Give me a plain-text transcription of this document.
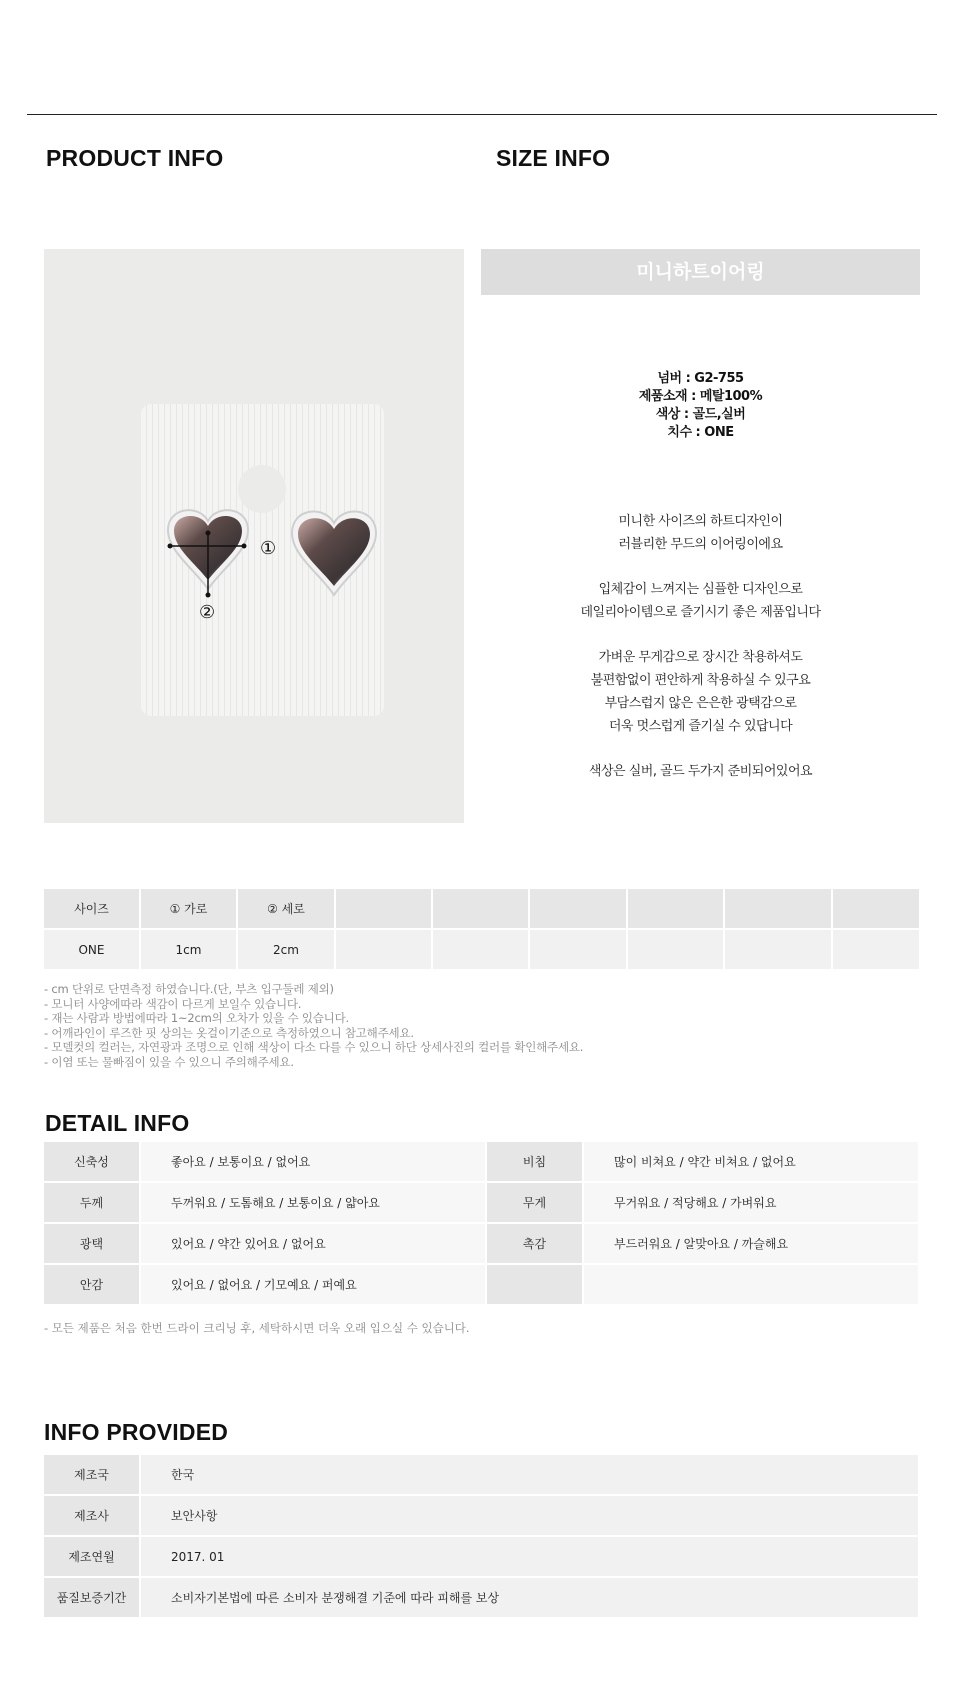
PRODUCT INFO	SIZE INFO
①
②
미니하트이어링
넘버 : G2-755
제품소재 : 메탈100%
색상 : 골드,실버
치수 : ONE
미니한 사이즈의 하트디자인이
러블리한 무드의 이어링이에요
입체감이 느껴지는 심플한 디자인으로
데일리아이템으로 즐기시기 좋은 제품입니다
가벼운 무게감으로 장시간 착용하셔도
불편함없이 편안하게 착용하실 수 있구요
부담스럽지 않은 은은한 광택감으로
더욱 멋스럽게 즐기실 수 있답니다
색상은 실버, 골드 두가지 준비되어있어요
사이즈	① 가로	② 세로						
ONE	1cm	2cm						
- cm 단위로 단면측정 하였습니다.(단, 부츠 입구둘레 제외)
- 모니터 사양에따라 색감이 다르게 보일수 있습니다.
- 재는 사람과 방법에따라 1~2cm의 오차가 있을 수 있습니다.
- 어깨라인이 루즈한 핏 상의는 옷걸이기준으로 측정하였으니 참고해주세요.
- 모델컷의 컬러는, 자연광과 조명으로 인해 색상이 다소 다를 수 있으니 하단 상세사진의 컬러를 확인해주세요.
- 이염 또는 물빠짐이 있을 수 있으니 주의해주세요.
DETAIL INFO
신축성	좋아요 / 보통이요 / 없어요	비침	많이 비쳐요 / 약간 비쳐요 / 없어요
두께	두꺼워요 / 도톰해요 / 보통이요 / 얇아요	무게	무거워요 / 적당해요 / 가벼워요
광택	있어요 / 약간 있어요 / 없어요	촉감	부드러워요 / 알맞아요 / 까슬해요
안감	있어요 / 없어요 / 기모예요 / 퍼예요		
- 모든 제품은 처음 한번 드라이 크리닝 후, 세탁하시면 더욱 오래 입으실 수 있습니다.
INFO PROVIDED
제조국	한국
제조사	보안사항
제조연월	2017. 01
품질보증기간	소비자기본법에 따른 소비자 분쟁해결 기준에 따라 피해를 보상
